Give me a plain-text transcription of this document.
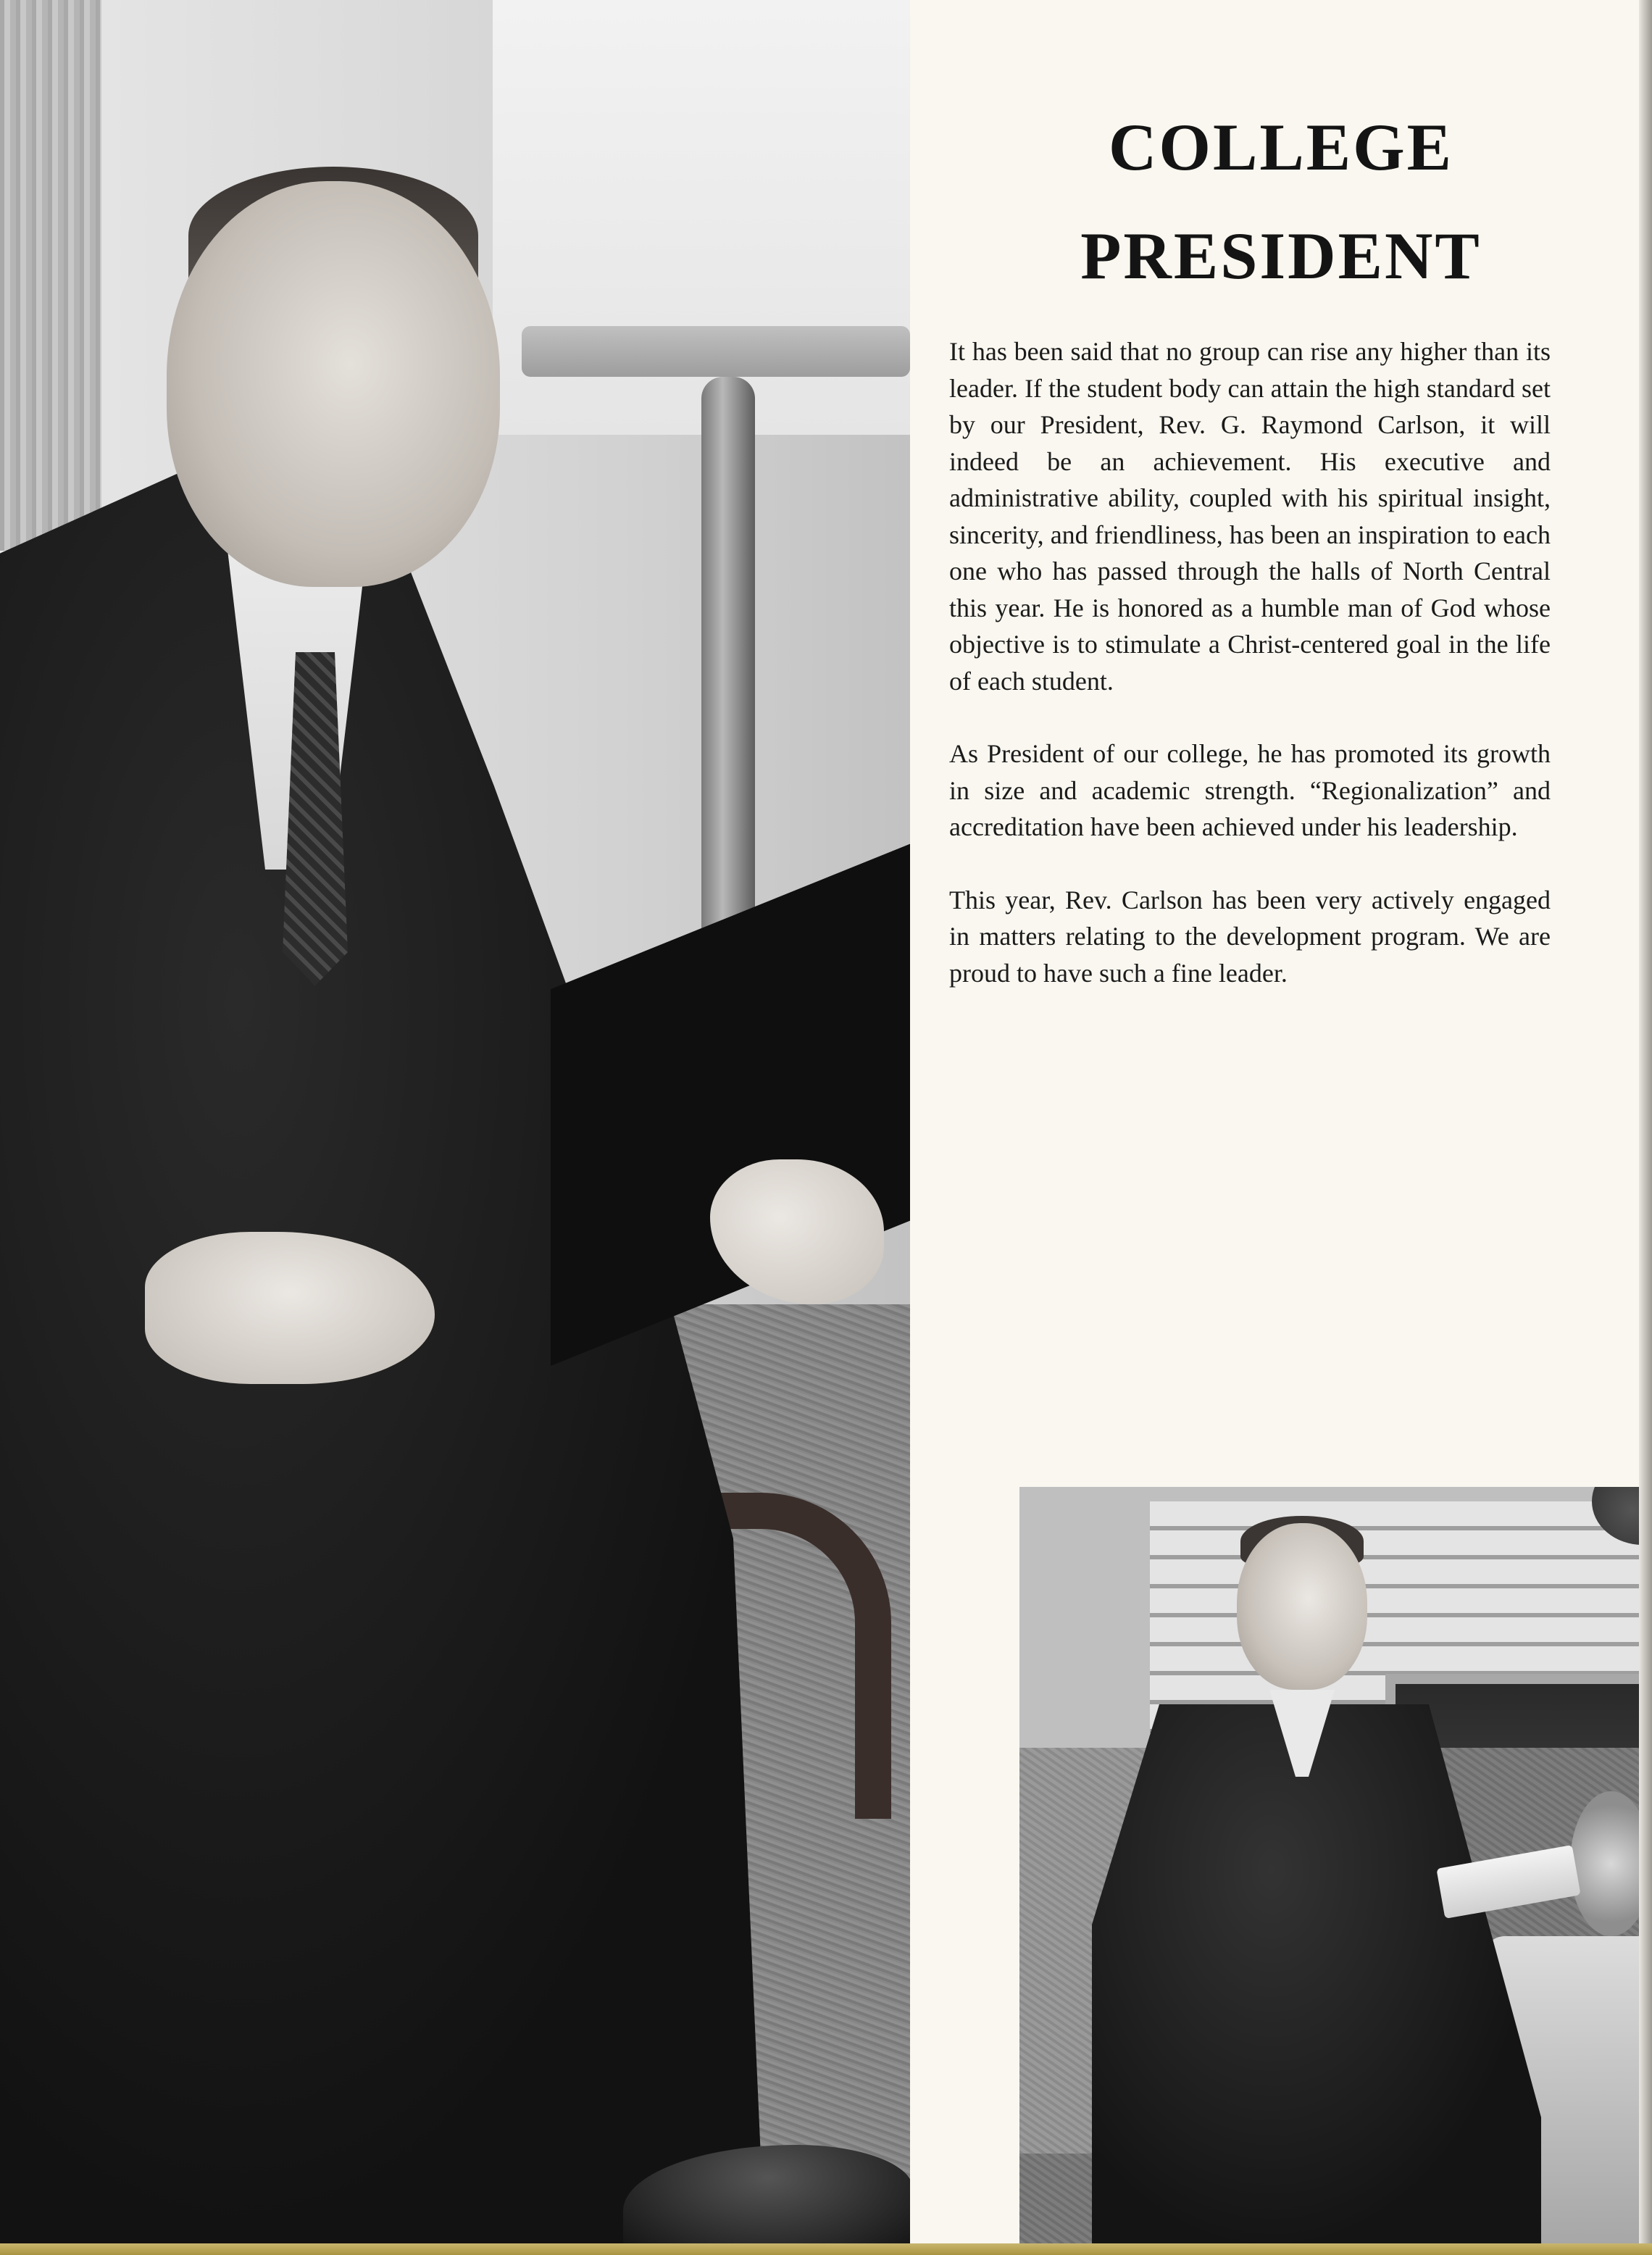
COLLEGE
PRESIDENT

It has been said that no group can rise any higher than its leader. If the student body can attain the high standard set by our President, Rev. G. Raymond Carlson, it will indeed be an achievement. His executive and administrative ability, coupled with his spiritual insight, sincerity, and friendliness, has been an inspiration to each one who has passed through the halls of North Central this year. He is honored as a humble man of God whose objective is to stimulate a Christ-centered goal in the life of each student.

As President of our college, he has promoted its growth in size and academic strength. “Regionalization” and accreditation have been achieved under his leadership.

This year, Rev. Carlson has been very actively engaged in matters relating to the development program. We are proud to have such a fine leader.
